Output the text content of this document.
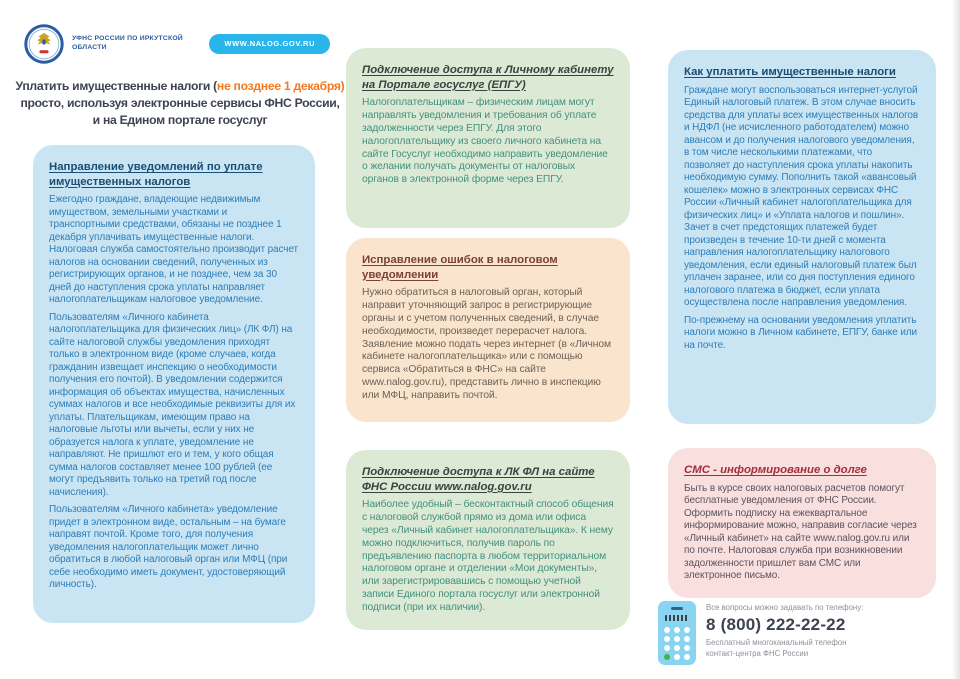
УФНС РОССИИ ПО ИРКУТСКОЙ ОБЛАСТИ	WWW.NALOG.GOV.RU
Уплатить имущественные налоги (не позднее 1 декабря)
просто, используя электронные сервисы ФНС России,
и на Едином портале госуслуг
Направление уведомлений по уплате имущественных налогов

Ежегодно граждане, владеющие недвижимым имуществом, земельными участками и транспортными средствами, обязаны не позднее 1 декабря уплачивать имущественные налоги. Налоговая служба самостоятельно производит расчет налогов на основании сведений, полученных из регистрирующих органов, и не позднее, чем за 30 дней до наступления срока уплаты направляет налогоплательщикам налоговое уведомление.

Пользователям «Личного кабинета налогоплательщика для физических лиц» (ЛК ФЛ) на сайте налоговой службы уведомления приходят только в электронном виде (кроме случаев, когда гражданин извещает инспекцию о необходимости получения его почтой). В уведомлении содержится информация об объектах имущества, начисленных суммах налогов и все необходимые реквизиты для их уплаты. Плательщикам, имеющим право на налоговые льготы или вычеты, если у них не образуется налога к уплате, уведомление не направляют. Не пришлют его и тем, у кого общая сумма налогов составляет менее 100 рублей (ее могут предъявить только на третий год после начисления).

Пользователям «Личного кабинета» уведомление придет в электронном виде, остальным – на бумаге направят почтой. Кроме того, для получения уведомления налогоплательщик может лично обратиться в любой налоговый орган или МФЦ (при себе необходимо иметь документ, удостоверяющий личность).

Подключение доступа к Личному кабинету на Портале госуслуг (ЕПГУ)

Налогоплательщикам – физическим лицам могут направлять уведомления и требования об уплате задолженности через ЕПГУ. Для этого налогоплательщику из своего личного кабинета на сайте Госуслуг необходимо направить уведомление о желании получать документы от налоговых органов в электронной форме через ЕПГУ.

Исправление ошибок в налоговом уведомлении

Нужно обратиться в налоговый орган, который направит уточняющий запрос в регистрирующие органы и с учетом полученных сведений, в случае необходимости, произведет перерасчет налога. Заявление можно подать через интернет (в «Личном кабинете налогоплательщика» или с помощью сервиса «Обратиться в ФНС» на сайте www.nalog.gov.ru), представить лично в инспекцию или МФЦ, направить почтой.

Подключение доступа к ЛК ФЛ на сайте ФНС России www.nalog.gov.ru

Наиболее удобный – бесконтактный способ общения с налоговой службой прямо из дома или офиса через «Личный кабинет налогоплательщика». К нему можно подключиться, получив пароль по предъявлению паспорта в любом территориальном налоговом органе и отделении «Мои документы», или зарегистрировавшись с помощью учетной записи Единого портала госуслуг или электронной подписи (при их наличии).

Как уплатить имущественные налоги

Граждане могут воспользоваться интернет-услугой Единый налоговый платеж. В этом случае вносить средства для уплаты всех имущественных налогов и НДФЛ (не исчисленного работодателем) можно авансом и до получения налогового уведомления, в том числе несколькими платежами, что позволяет до наступления срока уплаты накопить необходимую сумму. Пополнить такой «авансовый кошелек» можно в электронных сервисах ФНС России «Личный кабинет налогоплательщика для физических лиц» и «Уплата налогов и пошлин». Зачет в счет предстоящих платежей будет произведен в течение 10-ти дней с момента направления налогоплательщику налогового уведомления, если единый налоговый платеж был уплачен заранее, или со дня поступления единого налогового платежа в бюджет, если уплата осуществлена после направления уведомления.

По-прежнему на основании уведомления уплатить налоги можно в Личном кабинете, ЕПГУ, банке или на почте.

СМС - информирование о долге

Быть в курсе своих налоговых расчетов помогут бесплатные уведомления от ФНС России. Оформить подписку на ежеквартальное информирование можно, направив согласие через «Личный кабинет» на сайте www.nalog.gov.ru или по почте. Налоговая служба при возникновении задолженности пришлет вам СМС или электронное письмо.

Все вопросы можно задавать по телефону:
8 (800) 222-22-22
Бесплатный многоканальный телефон контакт-центра ФНС России
